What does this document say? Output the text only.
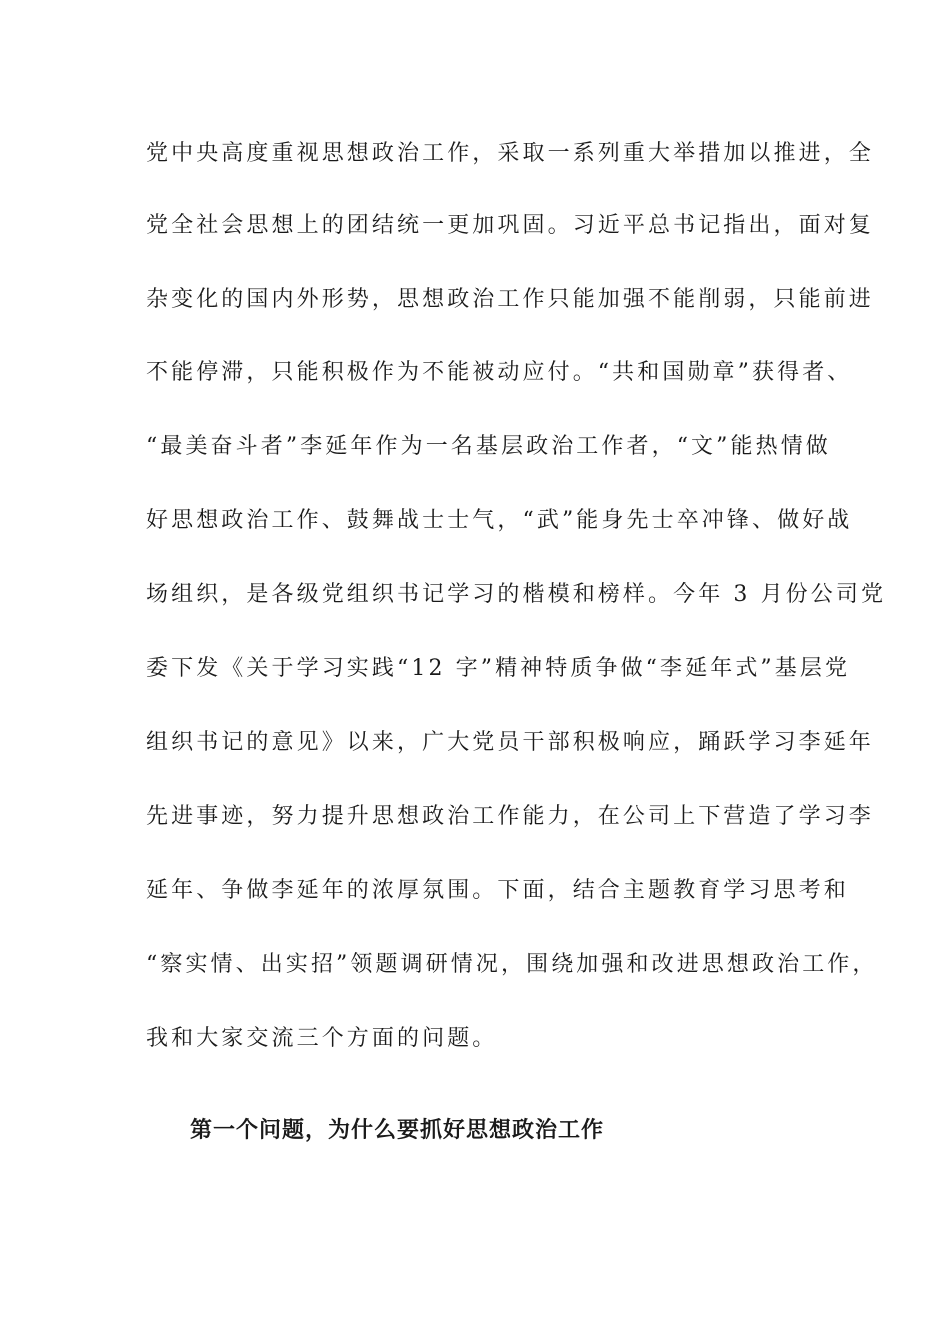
党中央高度重视思想政治工作，采取一系列重大举措加以推进，全
党全社会思想上的团结统一更加巩固。习近平总书记指出，面对复
杂变化的国内外形势，思想政治工作只能加强不能削弱，只能前进
不能停滞，只能积极作为不能被动应付。“共和国勋章”获得者、
“最美奋斗者”李延年作为一名基层政治工作者，“文”能热情做
好思想政治工作、鼓舞战士士气，“武”能身先士卒冲锋、做好战
场组织，是各级党组织书记学习的楷模和榜样。今年 3 月份公司党
委下发《关于学习实践“12 字”精神特质争做“李延年式”基层党
组织书记的意见》以来，广大党员干部积极响应，踊跃学习李延年
先进事迹，努力提升思想政治工作能力，在公司上下营造了学习李
延年、争做李延年的浓厚氛围。下面，结合主题教育学习思考和
“察实情、出实招”领题调研情况，围绕加强和改进思想政治工作，
我和大家交流三个方面的问题。
第一个问题，为什么要抓好思想政治工作
